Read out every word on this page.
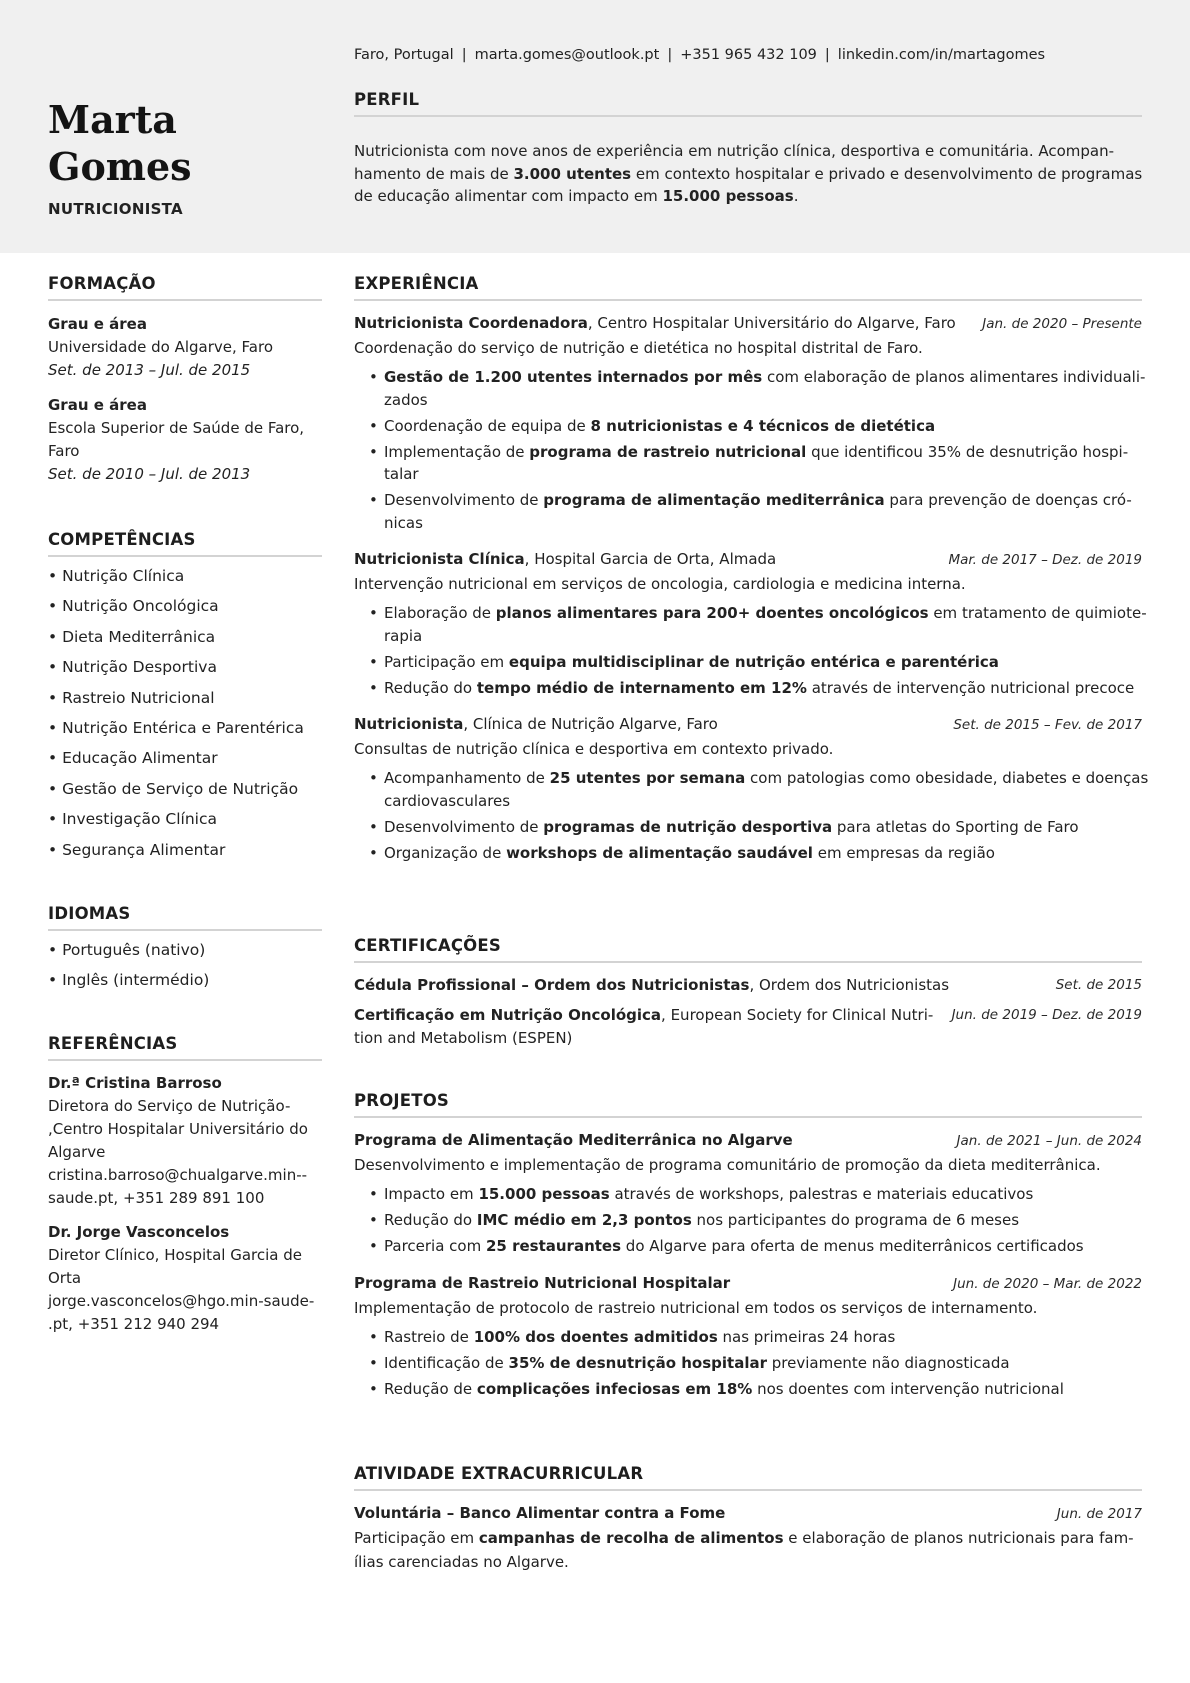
Marta
Gomes
NUTRICIONISTA
Faro, Portugal | marta.gomes@outlook.pt | +351 965 432 109 | linkedin.com/in/martagomes
PERFIL
Nutricionista com nove anos de experiência em nutrição clínica, desportiva e comunitária. Acompan-
hamento de mais de 3.000 utentes em contexto hospitalar e privado e desenvolvimento de programas
de educação alimentar com impacto em 15.000 pessoas.
FORMAÇÃO
Grau e área
Universidade do Algarve, Faro
Set. de 2013 – Jul. de 2015
Grau e área
Escola Superior de Saúde de Faro,
Faro
Set. de 2010 – Jul. de 2013
COMPETÊNCIAS
• Nutrição Clínica
• Nutrição Oncológica
• Dieta Mediterrânica
• Nutrição Desportiva
• Rastreio Nutricional
• Nutrição Entérica e Parentérica
• Educação Alimentar
• Gestão de Serviço de Nutrição
• Investigação Clínica
• Segurança Alimentar
IDIOMAS
• Português (nativo)
• Inglês (intermédio)
REFERÊNCIAS
Dr.ª Cristina Barroso
Diretora do Serviço de Nutrição-
,Centro Hospitalar Universitário do
Algarve
cristina.barroso@chualgarve.min--
saude.pt, +351 289 891 100
Dr. Jorge Vasconcelos
Diretor Clínico, Hospital Garcia de
Orta
jorge.vasconcelos@hgo.min-saude-
.pt, +351 212 940 294
EXPERIÊNCIA
Nutricionista Coordenadora, Centro Hospitalar Universitário do Algarve, Faro Jan. de 2020 – Presente
Coordenação do serviço de nutrição e dietética no hospital distrital de Faro.
• Gestão de 1.200 utentes internados por mês com elaboração de planos alimentares individuali-
zados
• Coordenação de equipa de 8 nutricionistas e 4 técnicos de dietética
• Implementação de programa de rastreio nutricional que identificou 35% de desnutrição hospi-
talar
• Desenvolvimento de programa de alimentação mediterrânica para prevenção de doenças cró-
nicas
Nutricionista Clínica, Hospital Garcia de Orta, Almada	Mar. de 2017 – Dez. de 2019
Intervenção nutricional em serviços de oncologia, cardiologia e medicina interna.
• Elaboração de planos alimentares para 200+ doentes oncológicos em tratamento de quimiote-
rapia
• Participação em equipa multidisciplinar de nutrição entérica e parentérica
• Redução do tempo médio de internamento em 12% através de intervenção nutricional precoce
Nutricionista, Clínica de Nutrição Algarve, Faro	Set. de 2015 – Fev. de 2017
Consultas de nutrição clínica e desportiva em contexto privado.
• Acompanhamento de 25 utentes por semana com patologias como obesidade, diabetes e doenças
cardiovasculares
• Desenvolvimento de programas de nutrição desportiva para atletas do Sporting de Faro
• Organização de workshops de alimentação saudável em empresas da região
CERTIFICAÇÕES
Cédula Profissional – Ordem dos Nutricionistas, Ordem dos Nutricionistas	Set. de 2015
Certificação em Nutrição Oncológica, European Society for Clinical Nutri-
tion and Metabolism (ESPEN)
Jun. de 2019 – Dez. de 2019
PROJETOS
Programa de Alimentação Mediterrânica no Algarve	Jan. de 2021 – Jun. de 2024
Desenvolvimento e implementação de programa comunitário de promoção da dieta mediterrânica.
• Impacto em 15.000 pessoas através de workshops, palestras e materiais educativos
• Redução do IMC médio em 2,3 pontos nos participantes do programa de 6 meses
• Parceria com 25 restaurantes do Algarve para oferta de menus mediterrânicos certificados
Programa de Rastreio Nutricional Hospitalar	Jun. de 2020 – Mar. de 2022
Implementação de protocolo de rastreio nutricional em todos os serviços de internamento.
• Rastreio de 100% dos doentes admitidos nas primeiras 24 horas
• Identificação de 35% de desnutrição hospitalar previamente não diagnosticada
• Redução de complicações infeciosas em 18% nos doentes com intervenção nutricional
ATIVIDADE EXTRACURRICULAR
Voluntária – Banco Alimentar contra a Fome	Jun. de 2017
Participação em campanhas de recolha de alimentos e elaboração de planos nutricionais para fam-
ílias carenciadas no Algarve.
